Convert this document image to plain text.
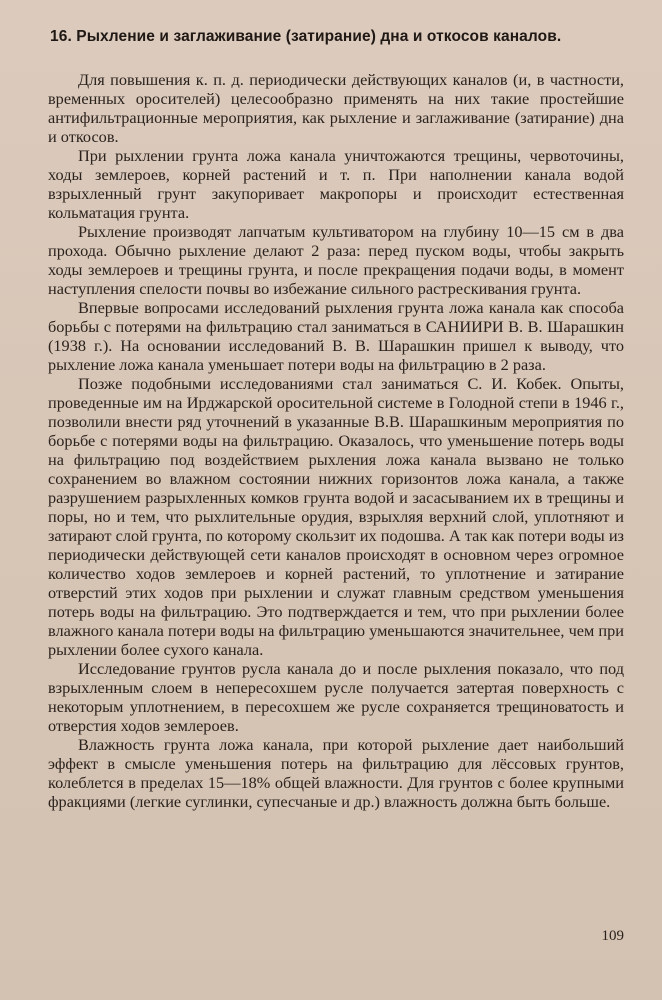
16. Рыхление и заглаживание (затирание) дна и откосов каналов.

Для повышения к. п. д. периодически действующих каналов (и, в частности, временных оросителей) целесообразно применять на них такие простейшие антифильтрационные мероприятия, как рыхление и заглаживание (затирание) дна и откосов.

При рыхлении грунта ложа канала уничтожаются трещины, червоточины, ходы землероев, корней растений и т. п. При наполнении канала водой взрыхленный грунт закупоривает макропоры и происходит естественная кольматация грунта.

Рыхление производят лапчатым культиватором на глубину 10—15 см в два прохода. Обычно рыхление делают 2 раза: перед пуском воды, чтобы закрыть ходы землероев и трещины грунта, и после прекращения подачи воды, в момент наступления спелости почвы во избежание сильного растрескивания грунта.

Впервые вопросами исследований рыхления грунта ложа канала как способа борьбы с потерями на фильтрацию стал заниматься в САНИИРИ В. В. Шарашкин (1938 г.). На основании исследований В. В. Шарашкин пришел к выводу, что рыхление ложа канала уменьшает потери воды на фильтрацию в 2 раза.

Позже подобными исследованиями стал заниматься С. И. Кобек. Опыты, проведенные им на Ирджарской оросительной системе в Голодной степи в 1946 г., позволили внести ряд уточнений в указанные В.В. Шарашкиным мероприятия по борьбе с потерями воды на фильтрацию. Оказалось, что уменьшение потерь воды на фильтрацию под воздействием рыхления ложа канала вызвано не только сохранением во влажном состоянии нижних горизонтов ложа канала, а также разрушением разрыхленных комков грунта водой и засасыванием их в трещины и поры, но и тем, что рыхлительные орудия, взрыхляя верхний слой, уплотняют и затирают слой грунта, по которому скользит их подошва. А так как потери воды из периодически действующей сети каналов происходят в основном через огромное количество ходов землероев и корней растений, то уплотнение и затирание отверстий этих ходов при рыхлении и служат главным средством уменьшения потерь воды на фильтрацию. Это подтверждается и тем, что при рыхлении более влажного канала потери воды на фильтрацию уменьшаются значительнее, чем при рыхлении более сухого канала.

Исследование грунтов русла канала до и после рыхления показало, что под взрыхленным слоем в непересохшем русле получается затертая поверхность с некоторым уплотнением, в пересохшем же русле сохраняется трещиноватость и отверстия ходов землероев.

Влажность грунта ложа канала, при которой рыхление дает наибольший эффект в смысле уменьшения потерь на фильтрацию для лёссовых грунтов, колеблется в пределах 15—18% общей влажности. Для грунтов с более крупными фракциями (легкие суглинки, супесчаные и др.) влажность должна быть больше.

109
